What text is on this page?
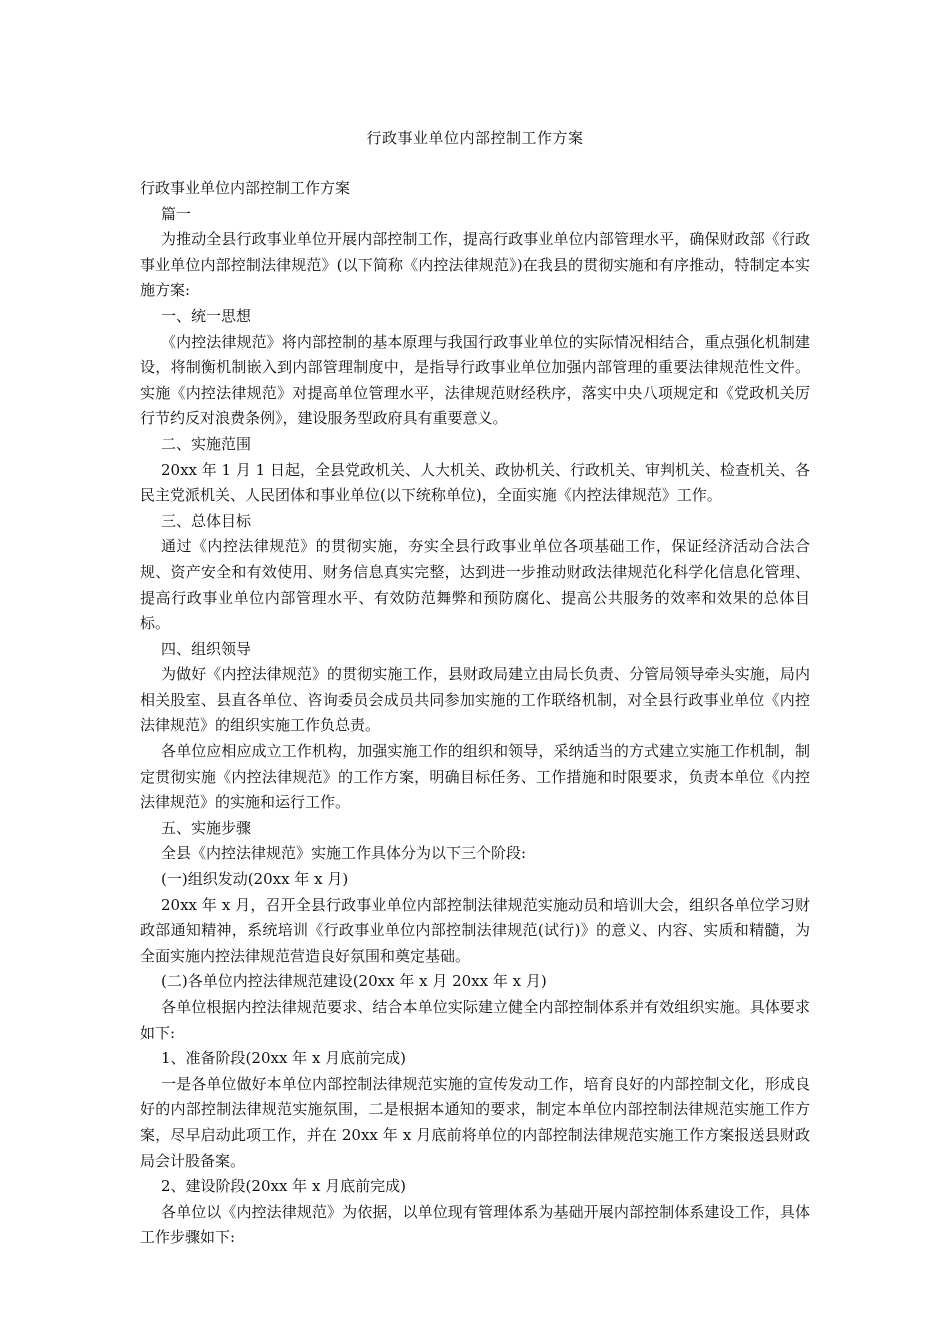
行政事业单位内部控制工作方案

行政事业单位内部控制工作方案

篇一

为推动全县行政事业单位开展内部控制工作，提高行政事业单位内部管理水平，确保财政部《行政事业单位内部控制法律规范》(以下简称《内控法律规范》)在我县的贯彻实施和有序推动，特制定本实施方案:

一、统一思想

《内控法律规范》将内部控制的基本原理与我国行政事业单位的实际情况相结合，重点强化机制建设，将制衡机制嵌入到内部管理制度中，是指导行政事业单位加强内部管理的重要法律规范性文件。实施《内控法律规范》对提高单位管理水平，法律规范财经秩序，落实中央八项规定和《党政机关厉行节约反对浪费条例》，建设服务型政府具有重要意义。

二、实施范围

20xx 年 1 月 1 日起，全县党政机关、人大机关、政协机关、行政机关、审判机关、检查机关、各民主党派机关、人民团体和事业单位(以下统称单位)，全面实施《内控法律规范》工作。

三、总体目标

通过《内控法律规范》的贯彻实施，夯实全县行政事业单位各项基础工作，保证经济活动合法合规、资产安全和有效使用、财务信息真实完整，达到进一步推动财政法律规范化科学化信息化管理、提高行政事业单位内部管理水平、有效防范舞弊和预防腐化、提高公共服务的效率和效果的总体目标。

四、组织领导

为做好《内控法律规范》的贯彻实施工作，县财政局建立由局长负责、分管局领导牵头实施，局内相关股室、县直各单位、咨询委员会成员共同参加实施的工作联络机制，对全县行政事业单位《内控法律规范》的组织实施工作负总责。

各单位应相应成立工作机构，加强实施工作的组织和领导，采纳适当的方式建立实施工作机制，制定贯彻实施《内控法律规范》的工作方案，明确目标任务、工作措施和时限要求，负责本单位《内控法律规范》的实施和运行工作。

五、实施步骤

全县《内控法律规范》实施工作具体分为以下三个阶段:

(一)组织发动(20xx 年 x 月)

20xx 年 x 月，召开全县行政事业单位内部控制法律规范实施动员和培训大会，组织各单位学习财政部通知精神，系统培训《行政事业单位内部控制法律规范(试行)》的意义、内容、实质和精髓，为全面实施内控法律规范营造良好氛围和奠定基础。

(二)各单位内控法律规范建设(20xx 年 x 月 20xx 年 x 月)

各单位根据内控法律规范要求、结合本单位实际建立健全内部控制体系并有效组织实施。具体要求如下:

1、准备阶段(20xx 年 x 月底前完成)

一是各单位做好本单位内部控制法律规范实施的宣传发动工作，培育良好的内部控制文化，形成良好的内部控制法律规范实施氛围，二是根据本通知的要求，制定本单位内部控制法律规范实施工作方案，尽早启动此项工作，并在 20xx 年 x 月底前将单位的内部控制法律规范实施工作方案报送县财政局会计股备案。

2、建设阶段(20xx 年 x 月底前完成)

各单位以《内控法律规范》为依据，以单位现有管理体系为基础开展内部控制体系建设工作，具体工作步骤如下:
